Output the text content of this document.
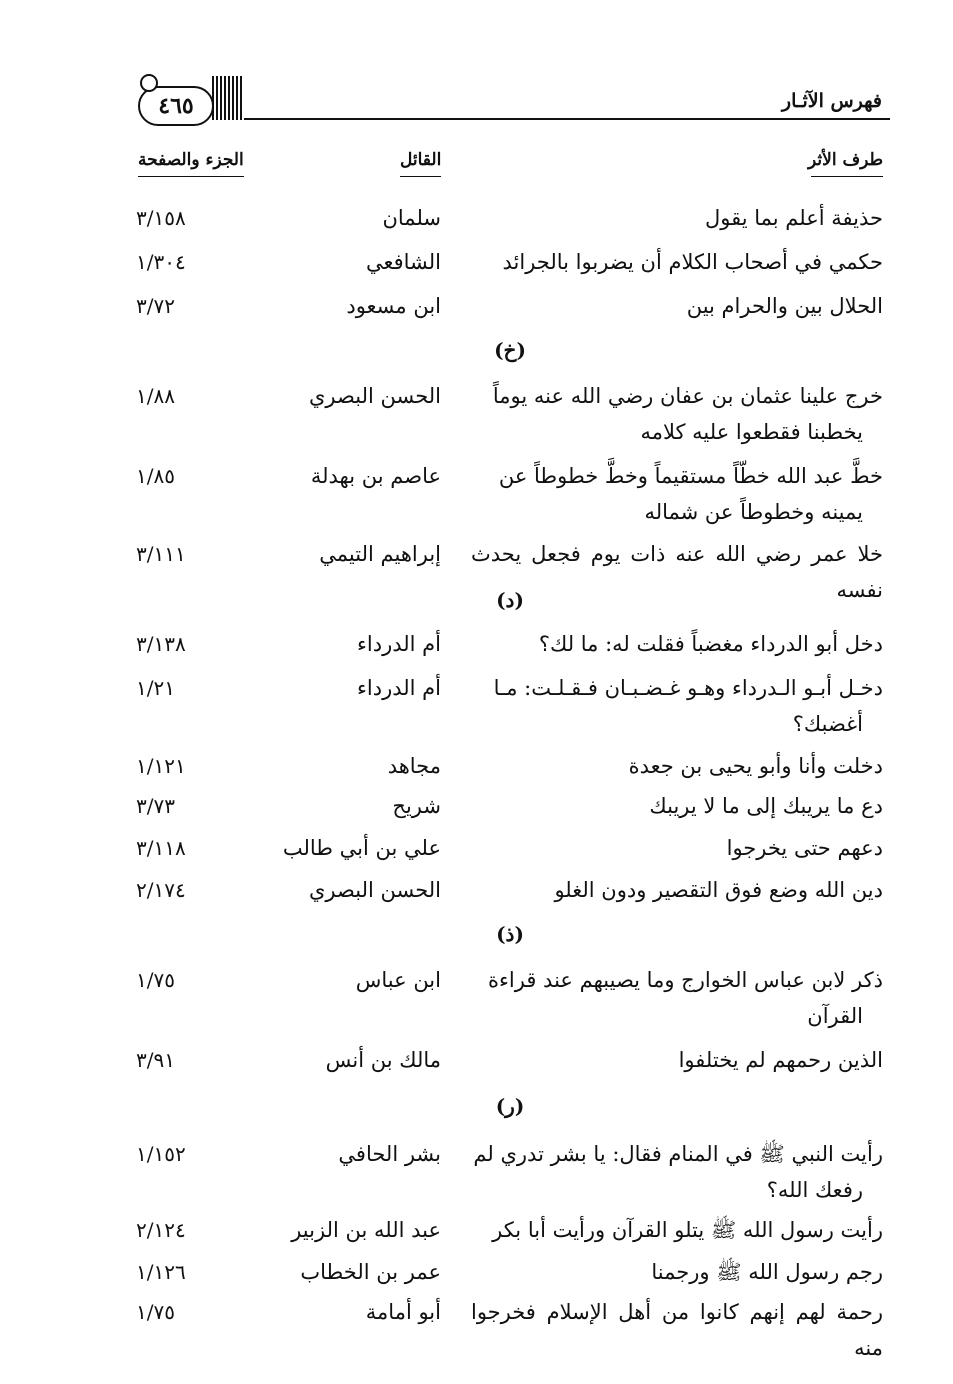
فهرس الآثـار
٤٦٥
طرف الأثر
القائل
الجزء والصفحة
حذيفة أعلم بما يقول
سلمان
٣/١٥٨
حكمي في أصحاب الكلام أن يضربوا بالجرائد
الشافعي
١/٣٠٤
الحلال بين والحرام بين
ابن مسعود
٣/٧٢
(خ)
خرج علينا عثمان بن عفان رضي الله عنه يوماً
يخطبنا فقطعوا عليه كلامه
الحسن البصري
١/٨٨
خطَّ عبد الله خطّاً مستقيماً وخطَّ خطوطاً عن
يمينه وخطوطاً عن شماله
عاصم بن بهدلة
١/٨٥
خلا عمر رضي الله عنه ذات يوم فجعل يحدث نفسه
إبراهيم التيمي
٣/١١١
(د)
دخل أبو الدرداء مغضباً فقلت له: ما لك؟
أم الدرداء
٣/١٣٨
دخـل أبـو الـدرداء وهـو غـضـبـان فـقـلـت: مـا
أغضبك؟
أم الدرداء
١/٢١
دخلت وأنا وأبو يحيى بن جعدة
مجاهد
١/١٢١
دع ما يريبك إلى ما لا يريبك
شريح
٣/٧٣
دعهم حتى يخرجوا
علي بن أبي طالب
٣/١١٨
دين الله وضع فوق التقصير ودون الغلو
الحسن البصري
٢/١٧٤
(ذ)
ذكر لابن عباس الخوارج وما يصيبهم عند قراءة
القرآن
ابن عباس
١/٧٥
الذين رحمهم لم يختلفوا
مالك بن أنس
٣/٩١
(ر)
رأيت النبي ﷺ في المنام فقال: يا بشر تدري لم
رفعك الله؟
بشر الحافي
١/١٥٢
رأيت رسول الله ﷺ يتلو القرآن ورأيت أبا بكر
عبد الله بن الزبير
٢/١٢٤
رجم رسول الله ﷺ ورجمنا
عمر بن الخطاب
١/١٢٦
رحمة لهم إنهم كانوا من أهل الإسلام فخرجوا منه
أبو أمامة
١/٧٥
